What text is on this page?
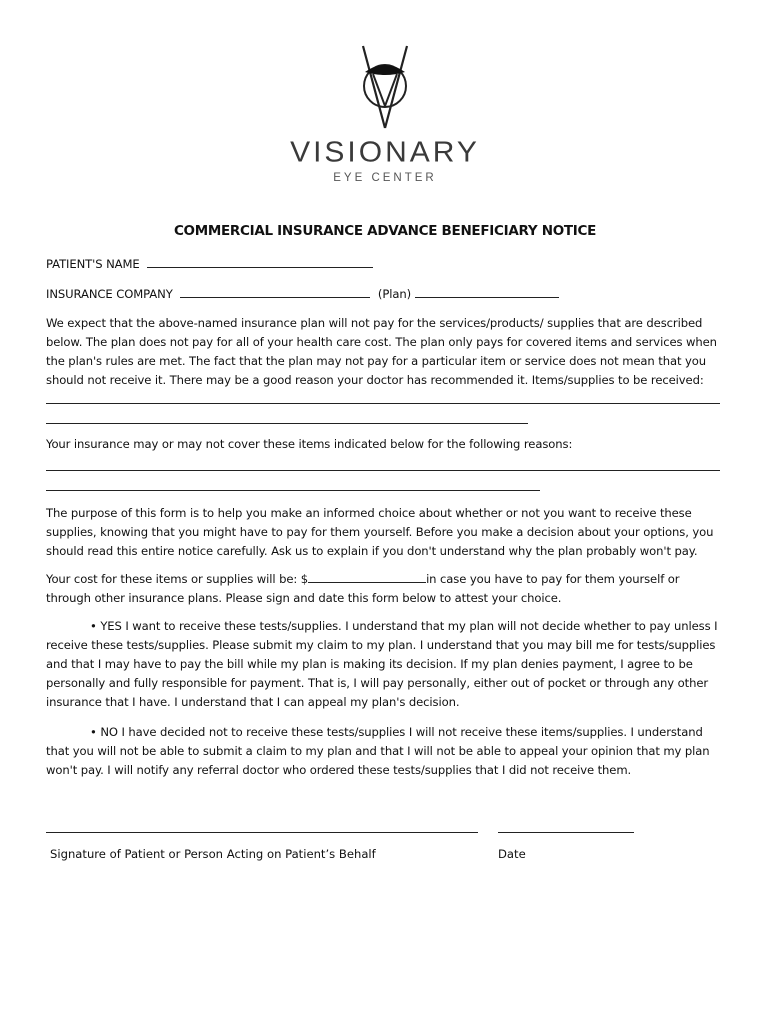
VISIONARY
EYE CENTER
COMMERCIAL INSURANCE ADVANCE BENEFICIARY NOTICE
PATIENT'S NAME
INSURANCE COMPANY	(Plan)
We expect that the above-named insurance plan will not pay for the services/products/ supplies that are described below. The plan does not pay for all of your health care cost. The plan only pays for covered items and services when the plan's rules are met. The fact that the plan may not pay for a particular item or service does not mean that you should not receive it. There may be a good reason your doctor has recommended it. Items/supplies to be received:
Your insurance may or may not cover these items indicated below for the following reasons:
The purpose of this form is to help you make an informed choice about whether or not you want to receive these supplies, knowing that you might have to pay for them yourself. Before you make a decision about your options, you should read this entire notice carefully. Ask us to explain if you don't understand why the plan probably won't pay.
Your cost for these items or supplies will be: $	in case you have to pay for them yourself or through other insurance plans. Please sign and date this form below to attest your choice.
• YES I want to receive these tests/supplies. I understand that my plan will not decide whether to pay unless I receive these tests/supplies. Please submit my claim to my plan. I understand that you may bill me for tests/supplies and that I may have to pay the bill while my plan is making its decision. If my plan denies payment, I agree to be personally and fully responsible for payment. That is, I will pay personally, either out of pocket or through any other insurance that I have. I understand that I can appeal my plan's decision.
• NO I have decided not to receive these tests/supplies I will not receive these items/supplies. I understand that you will not be able to submit a claim to my plan and that I will not be able to appeal your opinion that my plan won't pay. I will notify any referral doctor who ordered these tests/supplies that I did not receive them.
Signature of Patient or Person Acting on Patient’s Behalf	Date
